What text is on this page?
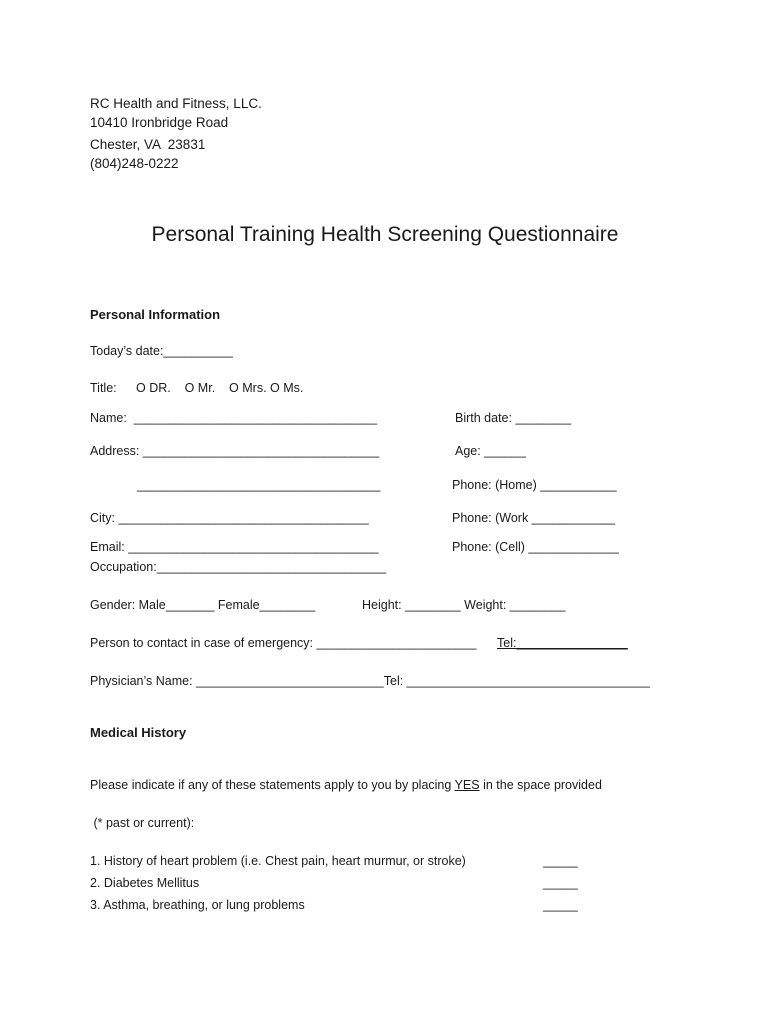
RC Health and Fitness, LLC.
10410 Ironbridge Road
Chester, VA  23831
(804)248-0222
Personal Training Health Screening Questionnaire
Personal Information
Today’s date:__________
Title: O DR.    O Mr.    O Mrs. O Ms.
Name:  ___________________________________	Birth date: ________
Address: __________________________________	Age: ______
___________________________________	Phone: (Home) ___________
City: ____________________________________	Phone: (Work ____________
Email: ____________________________________	Phone: (Cell) _____________
Occupation:_________________________________
Gender: Male_______ Female________	Height: ________ Weight: ________
Person to contact in case of emergency: _______________________ Tel:________________
Physician’s Name: ___________________________Tel: ___________________________________
Medical History
Please indicate if any of these statements apply to you by placing YES in the space provided
(* past or current):
1. History of heart problem (i.e. Chest pain, heart murmur, or stroke)	_____
2. Diabetes Mellitus	_____
3. Asthma, breathing, or lung problems	_____
